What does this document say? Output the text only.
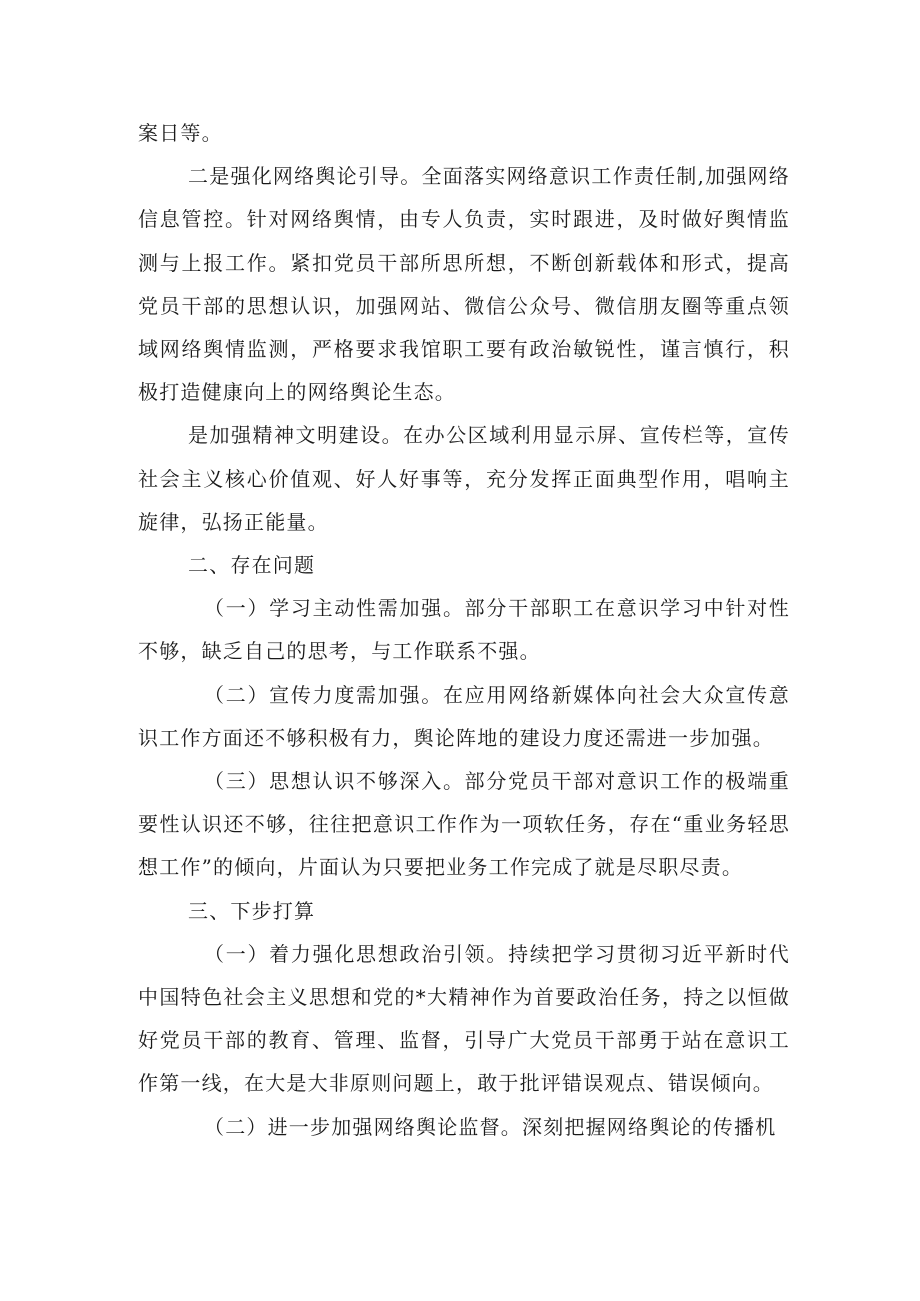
案日等。

二是强化网络舆论引导。全面落实网络意识工作责任制,加强网络信息管控。针对网络舆情，由专人负责，实时跟进，及时做好舆情监测与上报工作。紧扣党员干部所思所想，不断创新载体和形式，提高党员干部的思想认识，加强网站、微信公众号、微信朋友圈等重点领域网络舆情监测，严格要求我馆职工要有政治敏锐性，谨言慎行，积极打造健康向上的网络舆论生态。

是加强精神文明建设。在办公区域利用显示屏、宣传栏等，宣传社会主义核心价值观、好人好事等，充分发挥正面典型作用，唱响主旋律，弘扬正能量。

二、存在问题

（一）学习主动性需加强。部分干部职工在意识学习中针对性不够，缺乏自己的思考，与工作联系不强。

（二）宣传力度需加强。在应用网络新媒体向社会大众宣传意识工作方面还不够积极有力，舆论阵地的建设力度还需进一步加强。

（三）思想认识不够深入。部分党员干部对意识工作的极端重要性认识还不够，往往把意识工作作为一项软任务，存在“重业务轻思想工作”的倾向，片面认为只要把业务工作完成了就是尽职尽责。

三、下步打算

（一）着力强化思想政治引领。持续把学习贯彻习近平新时代中国特色社会主义思想和党的*大精神作为首要政治任务，持之以恒做好党员干部的教育、管理、监督，引导广大党员干部勇于站在意识工作第一线，在大是大非原则问题上，敢于批评错误观点、错误倾向。

（二）进一步加强网络舆论监督。深刻把握网络舆论的传播机
